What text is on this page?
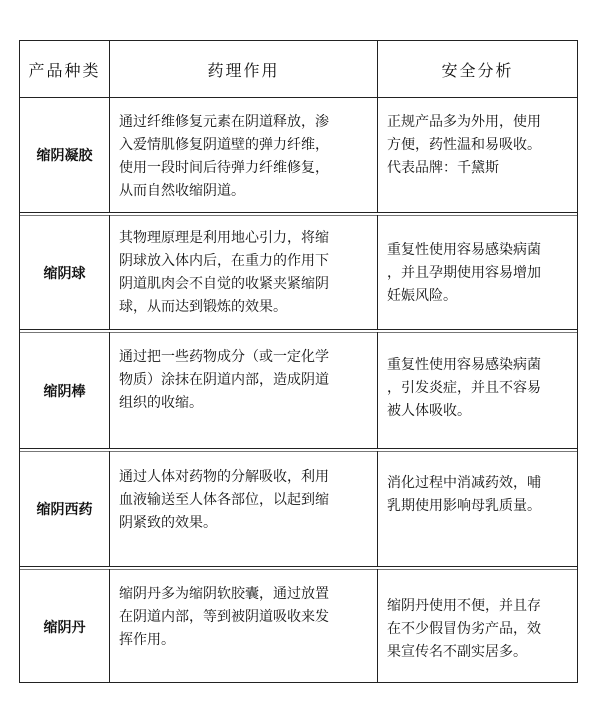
产品种类	药理作用	安全分析
缩阴凝胶
通过纤维修复元素在阴道释放，渗
入爱情肌修复阴道壁的弹力纤维，
使用一段时间后待弹力纤维修复，
从而自然收缩阴道。
正规产品多为外用，使用
方便，药性温和易吸收。
代表品牌：千黛斯
缩阴球
其物理原理是利用地心引力，将缩
阴球放入体内后，在重力的作用下
阴道肌肉会不自觉的收紧夹紧缩阴
球，从而达到锻炼的效果。
重复性使用容易感染病菌
，并且孕期使用容易增加
妊娠风险。
缩阴棒
通过把一些药物成分（或一定化学
物质）涂抹在阴道内部，造成阴道
组织的收缩。
重复性使用容易感染病菌
，引发炎症，并且不容易
被人体吸收。
缩阴西药
通过人体对药物的分解吸收，利用
血液输送至人体各部位，以起到缩
阴紧致的效果。
消化过程中消减药效，哺
乳期使用影响母乳质量。
缩阴丹
缩阴丹多为缩阴软胶囊，通过放置
在阴道内部，等到被阴道吸收来发
挥作用。
缩阴丹使用不便，并且存
在不少假冒伪劣产品，效
果宣传名不副实居多。
